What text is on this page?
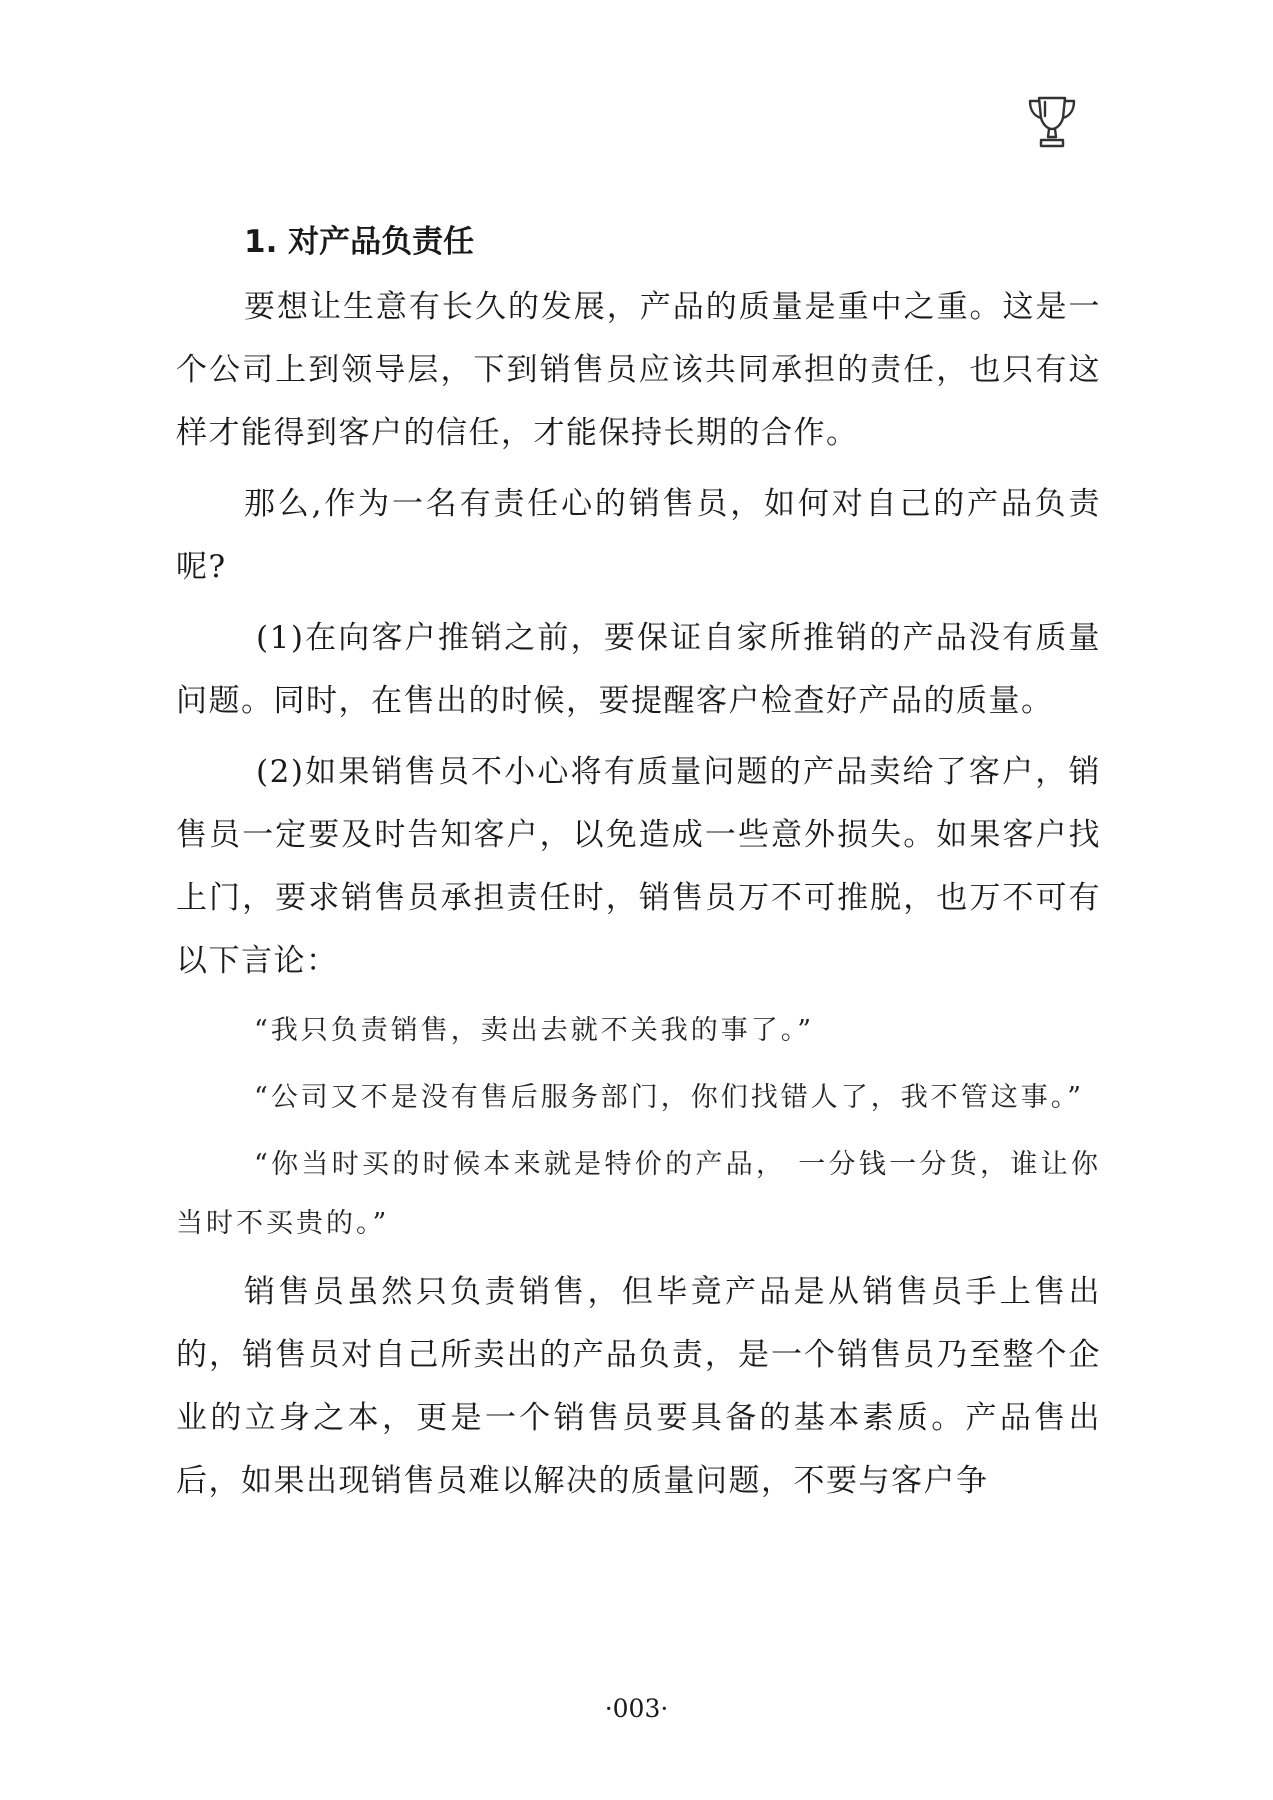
1. 对产品负责任

要想让生意有长久的发展，产品的质量是重中之重。这是一个公司上到领导层，下到销售员应该共同承担的责任，也只有这样才能得到客户的信任，才能保持长期的合作。

那么,作为一名有责任心的销售员，如何对自己的产品负责呢?

(1)在向客户推销之前，要保证自家所推销的产品没有质量问题。同时，在售出的时候，要提醒客户检查好产品的质量。

(2)如果销售员不小心将有质量问题的产品卖给了客户，销售员一定要及时告知客户，以免造成一些意外损失。如果客户找上门，要求销售员承担责任时，销售员万不可推脱，也万不可有以下言论：

“我只负责销售，卖出去就不关我的事了。”

“公司又不是没有售后服务部门，你们找错人了，我不管这事。”

“你当时买的时候本来就是特价的产品， 一分钱一分货，谁让你当时不买贵的。”

销售员虽然只负责销售，但毕竟产品是从销售员手上售出的，销售员对自己所卖出的产品负责，是一个销售员乃至整个企业的立身之本，更是一个销售员要具备的基本素质。产品售出后，如果出现销售员难以解决的质量问题，不要与客户争

·003·
